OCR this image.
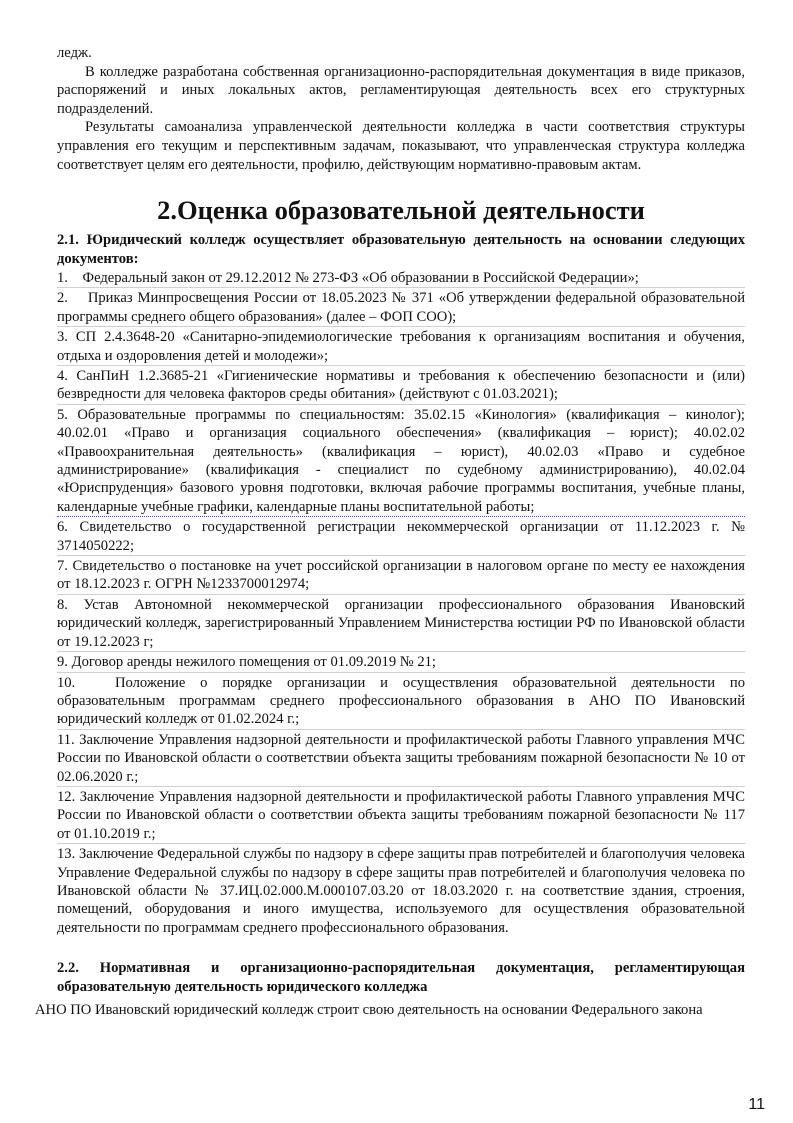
ледж.

В колледже разработана собственная организационно-распорядительная документация в виде приказов, распоряжений и иных локальных актов, регламентирующая деятельность всех его структурных подразделений.

Результаты самоанализа управленческой деятельности колледжа в части соответствия структуры управления его текущим и перспективным задачам, показывают, что управленческая структура колледжа соответствует целям его деятельности, профилю, действующим нормативно-правовым актам.

2.Оценка образовательной деятельности
2.1. Юридический колледж осуществляет образовательную деятельность на основании следующих документов:
1. Федеральный закон от 29.12.2012 № 273-ФЗ «Об образовании в Российской Федерации»;
2. Приказ Минпросвещения России от 18.05.2023 № 371 «Об утверждении федеральной образовательной программы среднего общего образования» (далее – ФОП СОО);
3. СП 2.4.3648-20 «Санитарно-эпидемиологические требования к организациям воспитания и обучения, отдыха и оздоровления детей и молодежи»;
4. СанПиН 1.2.3685-21 «Гигиенические нормативы и требования к обеспечению безопасности и (или) безвредности для человека факторов среды обитания» (действуют с 01.03.2021);
5. Образовательные программы по специальностям: 35.02.15 «Кинология» (квалификация – кинолог); 40.02.01 «Право и организация социального обеспечения» (квалификация – юрист); 40.02.02 «Правоохранительная деятельность» (квалификация – юрист), 40.02.03 «Право и судебное администрирование» (квалификация - специалист по судебному администрированию), 40.02.04 «Юриспруденция» базового уровня подготовки, включая рабочие программы воспитания, учебные планы, календарные учебные графики, календарные планы воспитательной работы;
6. Свидетельство о государственной регистрации некоммерческой организации от 11.12.2023 г. № 3714050222;
7. Свидетельство о постановке на учет российской организации в налоговом органе по месту ее нахождения от 18.12.2023 г. ОГРН №1233700012974;
8. Устав Автономной некоммерческой организации профессионального образования Ивановский юридический колледж, зарегистрированный Управлением Министерства юстиции РФ по Ивановской области от 19.12.2023 г;
9. Договор аренды нежилого помещения от 01.09.2019 № 21;
10.	Положение о порядке организации и осуществления образовательной деятельности по образовательным программам среднего профессионального образования в АНО ПО Ивановский юридический колледж от 01.02.2024 г.;
11. Заключение Управления надзорной деятельности и профилактической работы Главного управления МЧС России по Ивановской области о соответствии объекта защиты требованиям пожарной безопасности № 10 от 02.06.2020 г.;
12. Заключение Управления надзорной деятельности и профилактической работы Главного управления МЧС России по Ивановской области о соответствии объекта защиты требованиям пожарной безопасности № 117 от 01.10.2019 г.;
13. Заключение Федеральной службы по надзору в сфере защиты прав потребителей и благополучия человека Управление Федеральной службы по надзору в сфере защиты прав потребителей и благополучия человека по Ивановской области № 37.ИЦ.02.000.М.000107.03.20 от 18.03.2020 г. на соответствие здания, строения, помещений, оборудования и иного имущества, используемого для осуществления образовательной деятельности по программам среднего профессионального образования.
2.2. Нормативная и организационно-распорядительная документация, регламентирующая образовательную деятельность юридического колледжа
АНО ПО Ивановский юридический колледж строит свою деятельность на основании Федерального закона
11
